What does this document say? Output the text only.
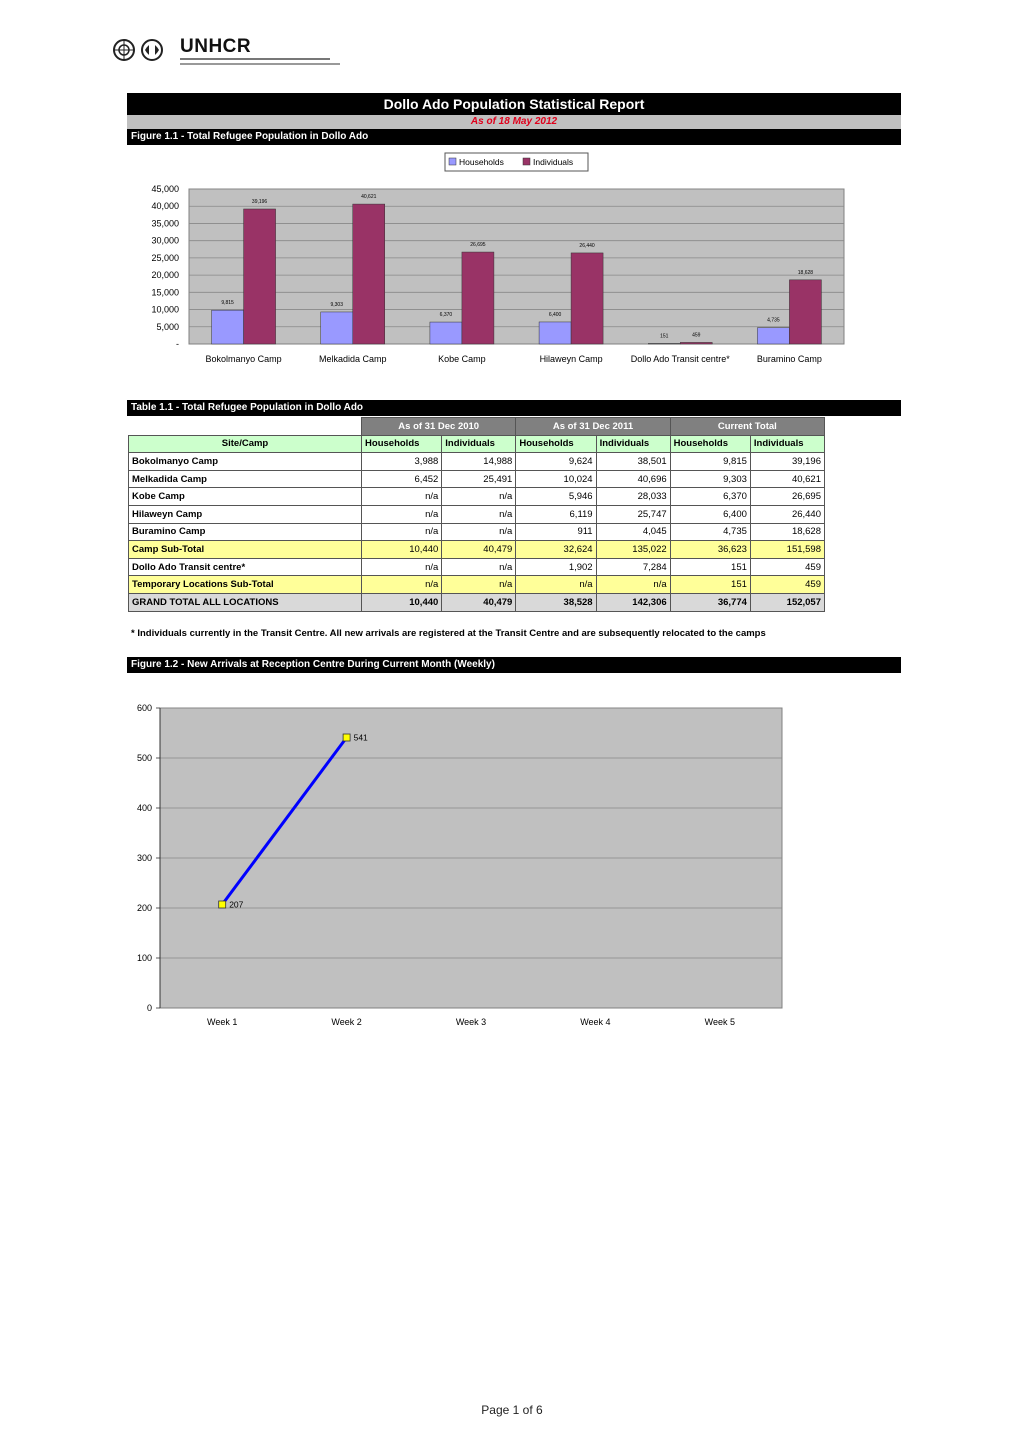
UNHCR
Dollo Ado Population Statistical Report
As of 18 May 2012
Figure 1.1 - Total Refugee Population in Dollo Ado
Households	Individuals
-
5,000
10,000
15,000
20,000
25,000
30,000
35,000
40,000
45,000
9,815
39,196
Bokolmanyo Camp
9,303
40,621
Melkadida Camp
6,370
26,695
Kobe Camp
6,400
26,440
Hilaweyn Camp
151	459
Dollo Ado Transit centre*
4,735
18,628
Buramino Camp
Table 1.1 - Total Refugee Population in Dollo Ado
		As of 31 Dec 2010		As of 31 Dec 2011		Current Total	
Site/Camp		Households	Individuals	Households	Individuals	Households	Individuals
Bokolmanyo Camp		3,988	14,988	9,624	38,501	9,815	39,196
Melkadida Camp		6,452	25,491	10,024	40,696	9,303	40,621
Kobe Camp		n/a	n/a	5,946	28,033	6,370	26,695
Hilaweyn Camp		n/a	n/a	6,119	25,747	6,400	26,440
Buramino Camp		n/a	n/a	911	4,045	4,735	18,628
Camp Sub-Total		10,440	40,479	32,624	135,022	36,623	151,598
Dollo Ado Transit centre*		n/a	n/a	1,902	7,284	151	459
Temporary Locations Sub-Total		n/a	n/a	n/a	n/a	151	459
GRAND TOTAL ALL LOCATIONS		10,440	40,479	38,528	142,306	36,774	152,057
* Individuals currently in the Transit Centre. All new arrivals are registered at the Transit Centre and are subsequently relocated to the camps
Figure 1.2 - New Arrivals at Reception Centre During Current Month (Weekly)
0
100
200
300
400
500
600
Week 1	Week 2	Week 3	Week 4	Week 5
207
541
Page 1 of 6
